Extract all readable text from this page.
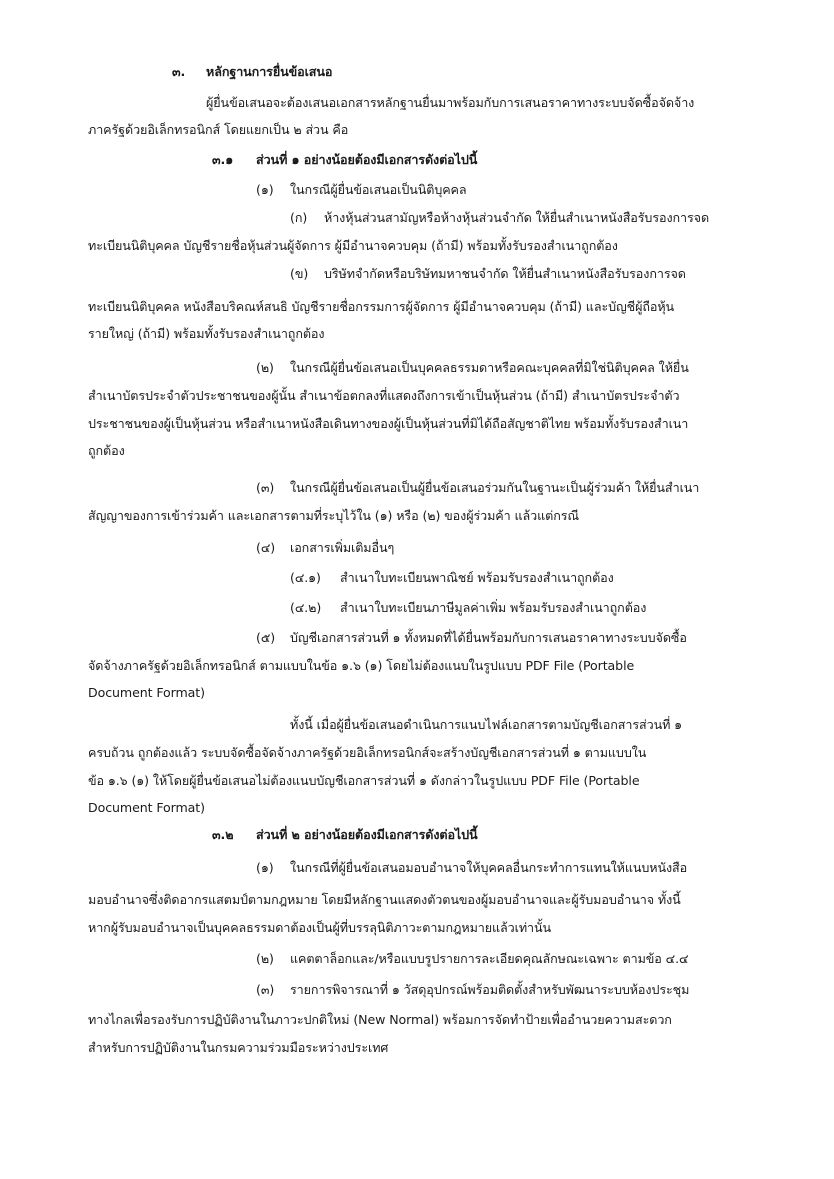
๓. หลักฐานการยื่นข้อเสนอ
ผู้ยื่นข้อเสนอจะต้องเสนอเอกสารหลักฐานยื่นมาพร้อมกับการเสนอราคาทางระบบจัดซื้อจัดจ้าง
ภาครัฐด้วยอิเล็กทรอนิกส์ โดยแยกเป็น ๒ ส่วน คือ
๓.๑ ส่วนที่ ๑ อย่างน้อยต้องมีเอกสารดังต่อไปนี้
(๑) ในกรณีผู้ยื่นข้อเสนอเป็นนิติบุคคล
(ก) ห้างหุ้นส่วนสามัญหรือห้างหุ้นส่วนจำกัด ให้ยื่นสำเนาหนังสือรับรองการจด
ทะเบียนนิติบุคคล บัญชีรายชื่อหุ้นส่วนผู้จัดการ ผู้มีอำนาจควบคุม (ถ้ามี) พร้อมทั้งรับรองสำเนาถูกต้อง
(ข) บริษัทจำกัดหรือบริษัทมหาชนจำกัด ให้ยื่นสำเนาหนังสือรับรองการจด
ทะเบียนนิติบุคคล หนังสือบริคณห์สนธิ บัญชีรายชื่อกรรมการผู้จัดการ ผู้มีอำนาจควบคุม (ถ้ามี) และบัญชีผู้ถือหุ้น
รายใหญ่ (ถ้ามี) พร้อมทั้งรับรองสำเนาถูกต้อง
(๒) ในกรณีผู้ยื่นข้อเสนอเป็นบุคคลธรรมดาหรือคณะบุคคลที่มิใช่นิติบุคคล ให้ยื่น
สำเนาบัตรประจำตัวประชาชนของผู้นั้น สำเนาข้อตกลงที่แสดงถึงการเข้าเป็นหุ้นส่วน (ถ้ามี) สำเนาบัตรประจำตัว
ประชาชนของผู้เป็นหุ้นส่วน หรือสำเนาหนังสือเดินทางของผู้เป็นหุ้นส่วนที่มิได้ถือสัญชาติไทย พร้อมทั้งรับรองสำเนา
ถูกต้อง
(๓) ในกรณีผู้ยื่นข้อเสนอเป็นผู้ยื่นข้อเสนอร่วมกันในฐานะเป็นผู้ร่วมค้า ให้ยื่นสำเนา
สัญญาของการเข้าร่วมค้า และเอกสารตามที่ระบุไว้ใน (๑) หรือ (๒) ของผู้ร่วมค้า แล้วแต่กรณี
(๔) เอกสารเพิ่มเติมอื่นๆ
(๔.๑) สำเนาใบทะเบียนพาณิชย์ พร้อมรับรองสำเนาถูกต้อง
(๔.๒) สำเนาใบทะเบียนภาษีมูลค่าเพิ่ม พร้อมรับรองสำเนาถูกต้อง
(๕) บัญชีเอกสารส่วนที่ ๑ ทั้งหมดที่ได้ยื่นพร้อมกับการเสนอราคาทางระบบจัดซื้อ
จัดจ้างภาครัฐด้วยอิเล็กทรอนิกส์ ตามแบบในข้อ ๑.๖ (๑) โดยไม่ต้องแนบในรูปแบบ PDF File (Portable
Document Format)
ทั้งนี้ เมื่อผู้ยื่นข้อเสนอดำเนินการแนบไฟล์เอกสารตามบัญชีเอกสารส่วนที่ ๑
ครบถ้วน ถูกต้องแล้ว ระบบจัดซื้อจัดจ้างภาครัฐด้วยอิเล็กทรอนิกส์จะสร้างบัญชีเอกสารส่วนที่ ๑ ตามแบบใน
ข้อ ๑.๖ (๑) ให้โดยผู้ยื่นข้อเสนอไม่ต้องแนบบัญชีเอกสารส่วนที่ ๑ ดังกล่าวในรูปแบบ PDF File (Portable
Document Format)
๓.๒ ส่วนที่ ๒ อย่างน้อยต้องมีเอกสารดังต่อไปนี้
(๑) ในกรณีที่ผู้ยื่นข้อเสนอมอบอำนาจให้บุคคลอื่นกระทำการแทนให้แนบหนังสือ
มอบอำนาจซึ่งติดอากรแสตมป์ตามกฎหมาย โดยมีหลักฐานแสดงตัวตนของผู้มอบอำนาจและผู้รับมอบอำนาจ ทั้งนี้
หากผู้รับมอบอำนาจเป็นบุคคลธรรมดาต้องเป็นผู้ที่บรรลุนิติภาวะตามกฎหมายแล้วเท่านั้น
(๒) แคตตาล็อกและ/หรือแบบรูปรายการละเอียดคุณลักษณะเฉพาะ ตามข้อ ๔.๔
(๓) รายการพิจารณาที่ ๑ วัสดุอุปกรณ์พร้อมติดตั้งสำหรับพัฒนาระบบห้องประชุม
ทางไกลเพื่อรองรับการปฏิบัติงานในภาวะปกติใหม่ (New Normal) พร้อมการจัดทำป้ายเพื่ออำนวยความสะดวก
สำหรับการปฏิบัติงานในกรมความร่วมมือระหว่างประเทศ
